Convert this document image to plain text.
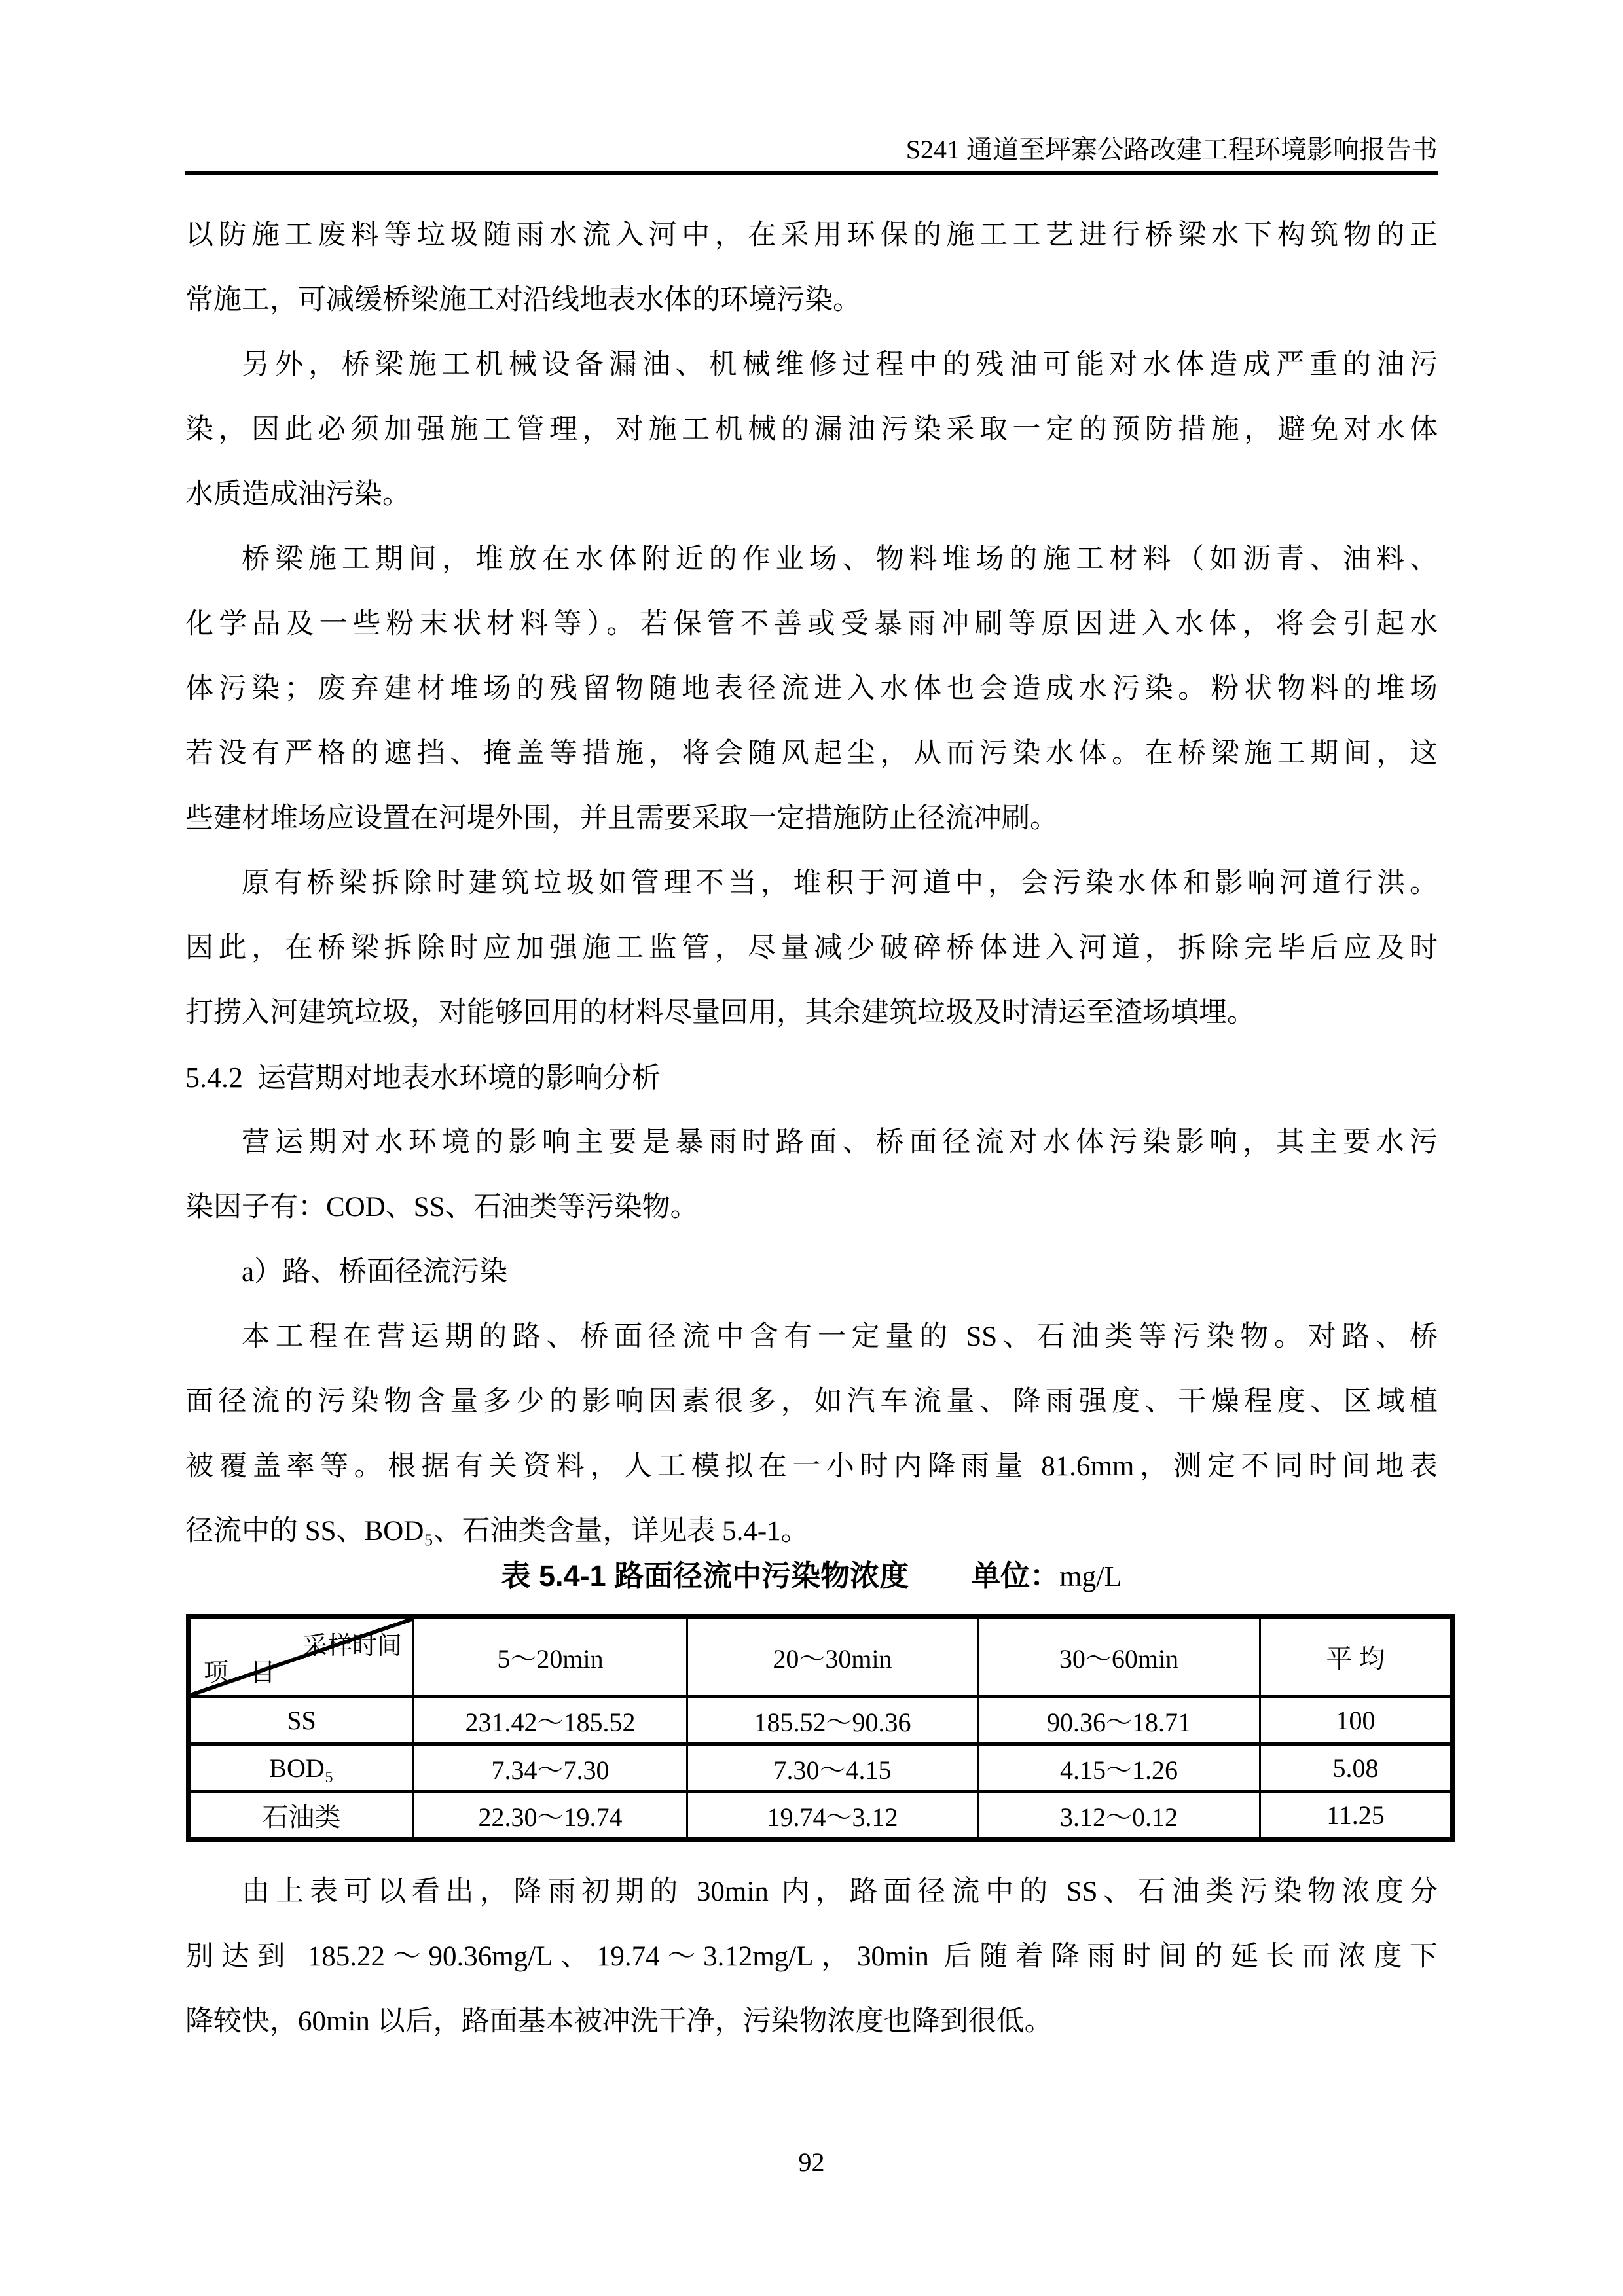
S241 通道至坪寨公路改建工程环境影响报告书
以防施工废料等垃圾随雨水流入河中，在采用环保的施工工艺进行桥梁水下构筑物的正
常施工，可减缓桥梁施工对沿线地表水体的环境污染。
另外，桥梁施工机械设备漏油、机械维修过程中的残油可能对水体造成严重的油污
染，因此必须加强施工管理，对施工机械的漏油污染采取一定的预防措施，避免对水体
水质造成油污染。
桥梁施工期间，堆放在水体附近的作业场、物料堆场的施工材料（如沥青、油料、
化学品及一些粉末状材料等）。若保管不善或受暴雨冲刷等原因进入水体，将会引起水
体污染；废弃建材堆场的残留物随地表径流进入水体也会造成水污染。粉状物料的堆场
若没有严格的遮挡、掩盖等措施，将会随风起尘，从而污染水体。在桥梁施工期间，这
些建材堆场应设置在河堤外围，并且需要采取一定措施防止径流冲刷。
原有桥梁拆除时建筑垃圾如管理不当，堆积于河道中，会污染水体和影响河道行洪。
因此，在桥梁拆除时应加强施工监管，尽量减少破碎桥体进入河道，拆除完毕后应及时
打捞入河建筑垃圾，对能够回用的材料尽量回用，其余建筑垃圾及时清运至渣场填埋。
5.4.2  运营期对地表水环境的影响分析
营运期对水环境的影响主要是暴雨时路面、桥面径流对水体污染影响，其主要水污
染因子有：COD、SS、石油类等污染物。
a）路、桥面径流污染
本工程在营运期的路、桥面径流中含有一定量的 SS、石油类等污染物。对路、桥
面径流的污染物含量多少的影响因素很多，如汽车流量、降雨强度、干燥程度、区域植
被覆盖率等。根据有关资料，人工模拟在一小时内降雨量 81.6mm，测定不同时间地表
径流中的 SS、BOD₅、石油类含量，详见表 5.4-1。
表 5.4-1 路面径流中污染物浓度 单位：mg/L
采样时间
项 目	5～20min	20～30min	30～60min	平 均
SS	231.42～185.52	185.52～90.36	90.36～18.71	100
BOD₅	7.34～7.30	7.30～4.15	4.15～1.26	5.08
石油类	22.30～19.74	19.74～3.12	3.12～0.12	11.25
由上表可以看出，降雨初期的 30min 内，路面径流中的 SS、石油类污染物浓度分
别达到 185.22～90.36mg/L、19.74～3.12mg/L，30min 后随着降雨时间的延长而浓度下
降较快，60min 以后，路面基本被冲洗干净，污染物浓度也降到很低。
92
